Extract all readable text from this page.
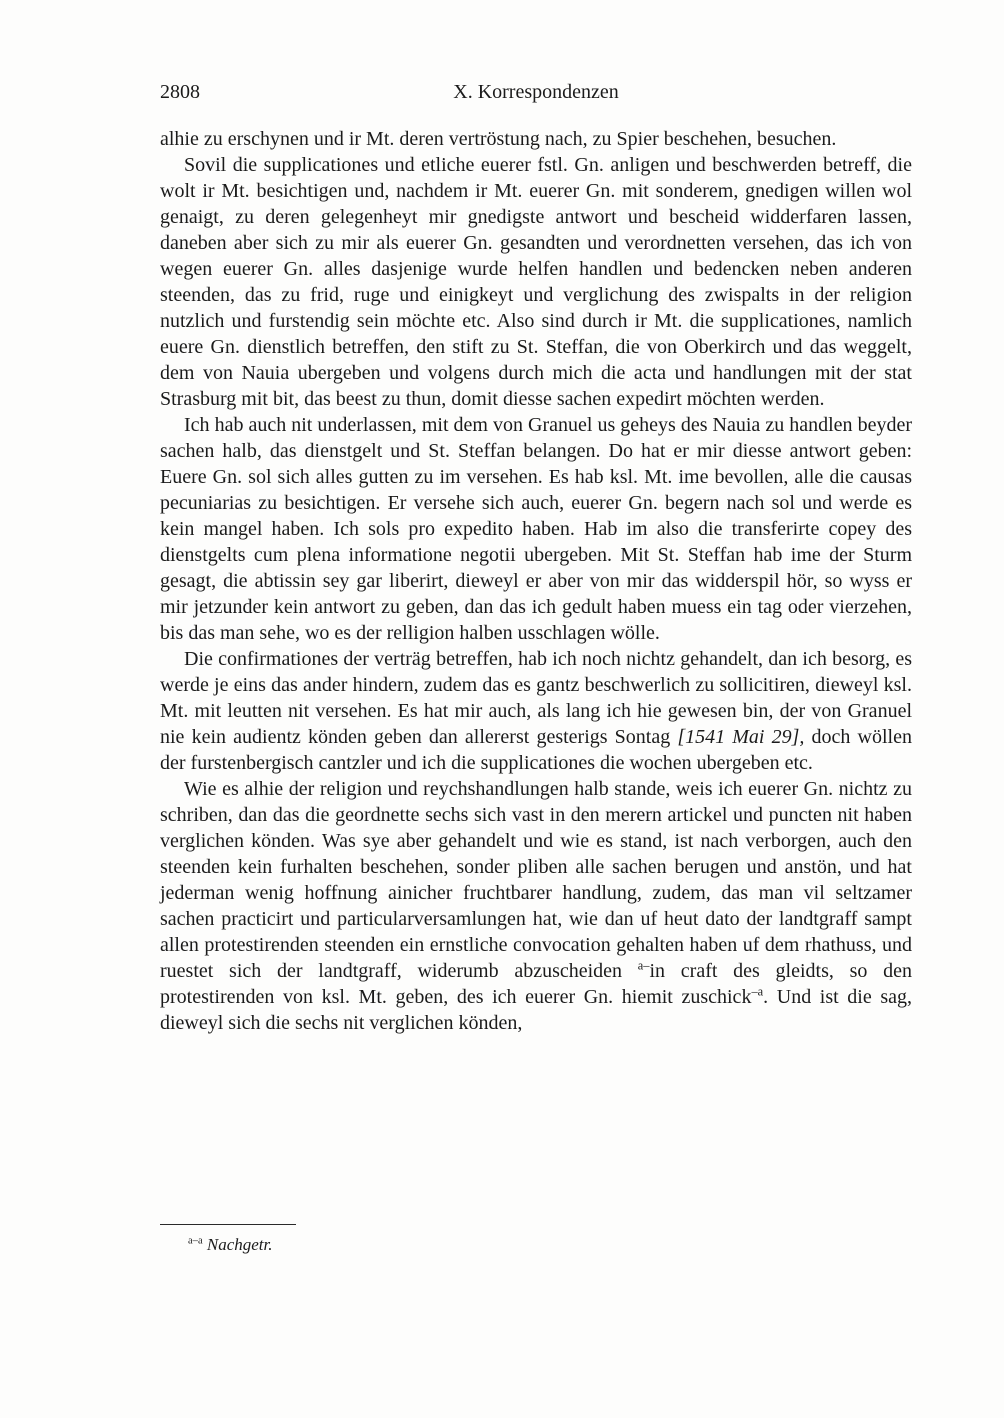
2808	X. Korrespondenzen

alhie zu erschynen und ir Mt. deren vertröstung nach, zu Spier beschehen, besuchen.

Sovil die supplicationes und etliche euerer fstl. Gn. anligen und beschwerden betreff, die wolt ir Mt. besichtigen und, nachdem ir Mt. euerer Gn. mit sonderem, gnedigen willen wol genaigt, zu deren gelegenheyt mir gnedigste antwort und bescheid widderfaren lassen, daneben aber sich zu mir als euerer Gn. gesandten und verordnetten versehen, das ich von wegen euerer Gn. alles dasjenige wurde helfen handlen und bedencken neben anderen steenden, das zu frid, ruge und einigkeyt und verglichung des zwispalts in der religion nutzlich und furstendig sein möchte etc. Also sind durch ir Mt. die supplicationes, namlich euere Gn. dienstlich betreffen, den stift zu St. Steffan, die von Oberkirch und das weggelt, dem von Nauia ubergeben und volgens durch mich die acta und handlungen mit der stat Strasburg mit bit, das beest zu thun, domit diesse sachen expedirt möchten werden.

Ich hab auch nit underlassen, mit dem von Granuel us geheys des Nauia zu handlen beyder sachen halb, das dienstgelt und St. Steffan belangen. Do hat er mir diesse antwort geben: Euere Gn. sol sich alles gutten zu im versehen. Es hab ksl. Mt. ime bevollen, alle die causas pecuniarias zu besichtigen. Er versehe sich auch, euerer Gn. begern nach sol und werde es kein mangel haben. Ich sols pro expedito haben. Hab im also die transferirte copey des dienstgelts cum plena informatione negotii ubergeben. Mit St. Steffan hab ime der Sturm gesagt, die abtissin sey gar liberirt, dieweyl er aber von mir das widderspil hör, so wyss er mir jetzunder kein antwort zu geben, dan das ich gedult haben muess ein tag oder vierzehen, bis das man sehe, wo es der relligion halben usschlagen wölle.

Die confirmationes der verträg betreffen, hab ich noch nichtz gehandelt, dan ich besorg, es werde je eins das ander hindern, zudem das es gantz beschwerlich zu sollicitiren, dieweyl ksl. Mt. mit leutten nit versehen. Es hat mir auch, als lang ich hie gewesen bin, der von Granuel nie kein audientz könden geben dan allererst gesterigs Sontag [1541 Mai 29], doch wöllen der furstenbergisch cantzler und ich die supplicationes die wochen ubergeben etc.

Wie es alhie der religion und reychshandlungen halb stande, weis ich euerer Gn. nichtz zu schriben, dan das die geordnette sechs sich vast in den merern artickel und puncten nit haben verglichen könden. Was sye aber gehandelt und wie es stand, ist nach verborgen, auch den steenden kein furhalten beschehen, sonder pliben alle sachen berugen und anstön, und hat jederman wenig hoffnung ainicher fruchtbarer handlung, zudem, das man vil seltzamer sachen practicirt und particularversamlungen hat, wie dan uf heut dato der landtgraff sampt allen protestirenden steenden ein ernstliche convocation gehalten haben uf dem rhathuss, und ruestet sich der landtgraff, widerumb abzuscheiden $^{a-}$in craft des gleidts, so den protestirenden von ksl. Mt. geben, des ich euerer Gn. hiemit zuschick$^{-a}$. Und ist die sag, dieweyl sich die sechs nit verglichen könden,

$^{a-a}$ Nachgetr.
